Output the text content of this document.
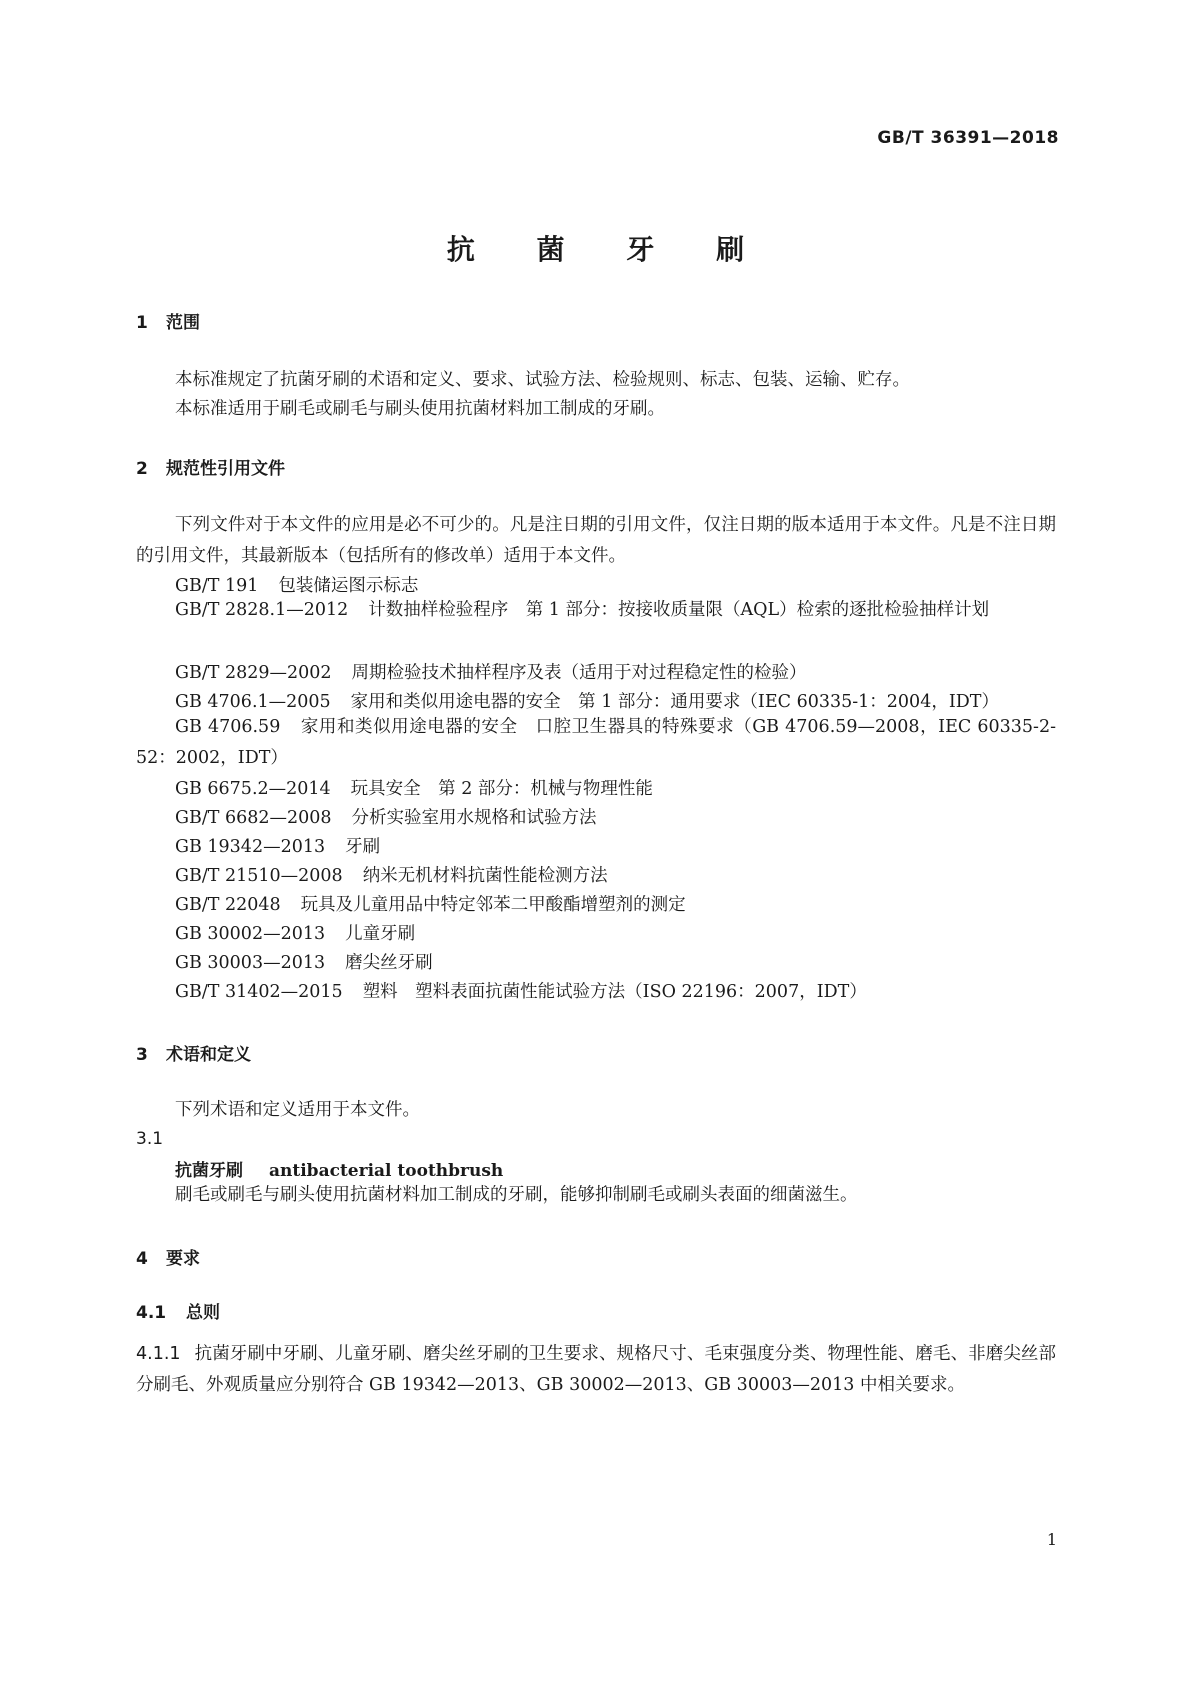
GB/T 36391—2018
抗 菌 牙 刷
1 范围
本标准规定了抗菌牙刷的术语和定义、要求、试验方法、检验规则、标志、包装、运输、贮存。
本标准适用于刷毛或刷毛与刷头使用抗菌材料加工制成的牙刷。
2 规范性引用文件
下列文件对于本文件的应用是必不可少的。凡是注日期的引用文件，仅注日期的版本适用于本文件。凡是不注日期的引用文件，其最新版本（包括所有的修改单）适用于本文件。
GB/T 191 包装储运图示标志
GB/T 2828.1—2012 计数抽样检验程序　第 1 部分：按接收质量限（AQL）检索的逐批检验抽样计划
GB/T 2829—2002 周期检验技术抽样程序及表（适用于对过程稳定性的检验）
GB 4706.1—2005 家用和类似用途电器的安全　第 1 部分：通用要求（IEC 60335-1：2004，IDT）
GB 4706.59 家用和类似用途电器的安全　口腔卫生器具的特殊要求（GB 4706.59—2008，IEC 60335-2-52：2002，IDT）
GB 6675.2—2014 玩具安全　第 2 部分：机械与物理性能
GB/T 6682—2008 分析实验室用水规格和试验方法
GB 19342—2013 牙刷
GB/T 21510—2008 纳米无机材料抗菌性能检测方法
GB/T 22048 玩具及儿童用品中特定邻苯二甲酸酯增塑剂的测定
GB 30002—2013 儿童牙刷
GB 30003—2013 磨尖丝牙刷
GB/T 31402—2015 塑料　塑料表面抗菌性能试验方法（ISO 22196：2007，IDT）
3 术语和定义
下列术语和定义适用于本文件。
3.1
抗菌牙刷 antibacterial toothbrush
刷毛或刷毛与刷头使用抗菌材料加工制成的牙刷，能够抑制刷毛或刷头表面的细菌滋生。
4 要求
4.1 总则
4.1.1 抗菌牙刷中牙刷、儿童牙刷、磨尖丝牙刷的卫生要求、规格尺寸、毛束强度分类、物理性能、磨毛、非磨尖丝部分刷毛、外观质量应分别符合 GB 19342—2013、GB 30002—2013、GB 30003—2013 中相关要求。
1
